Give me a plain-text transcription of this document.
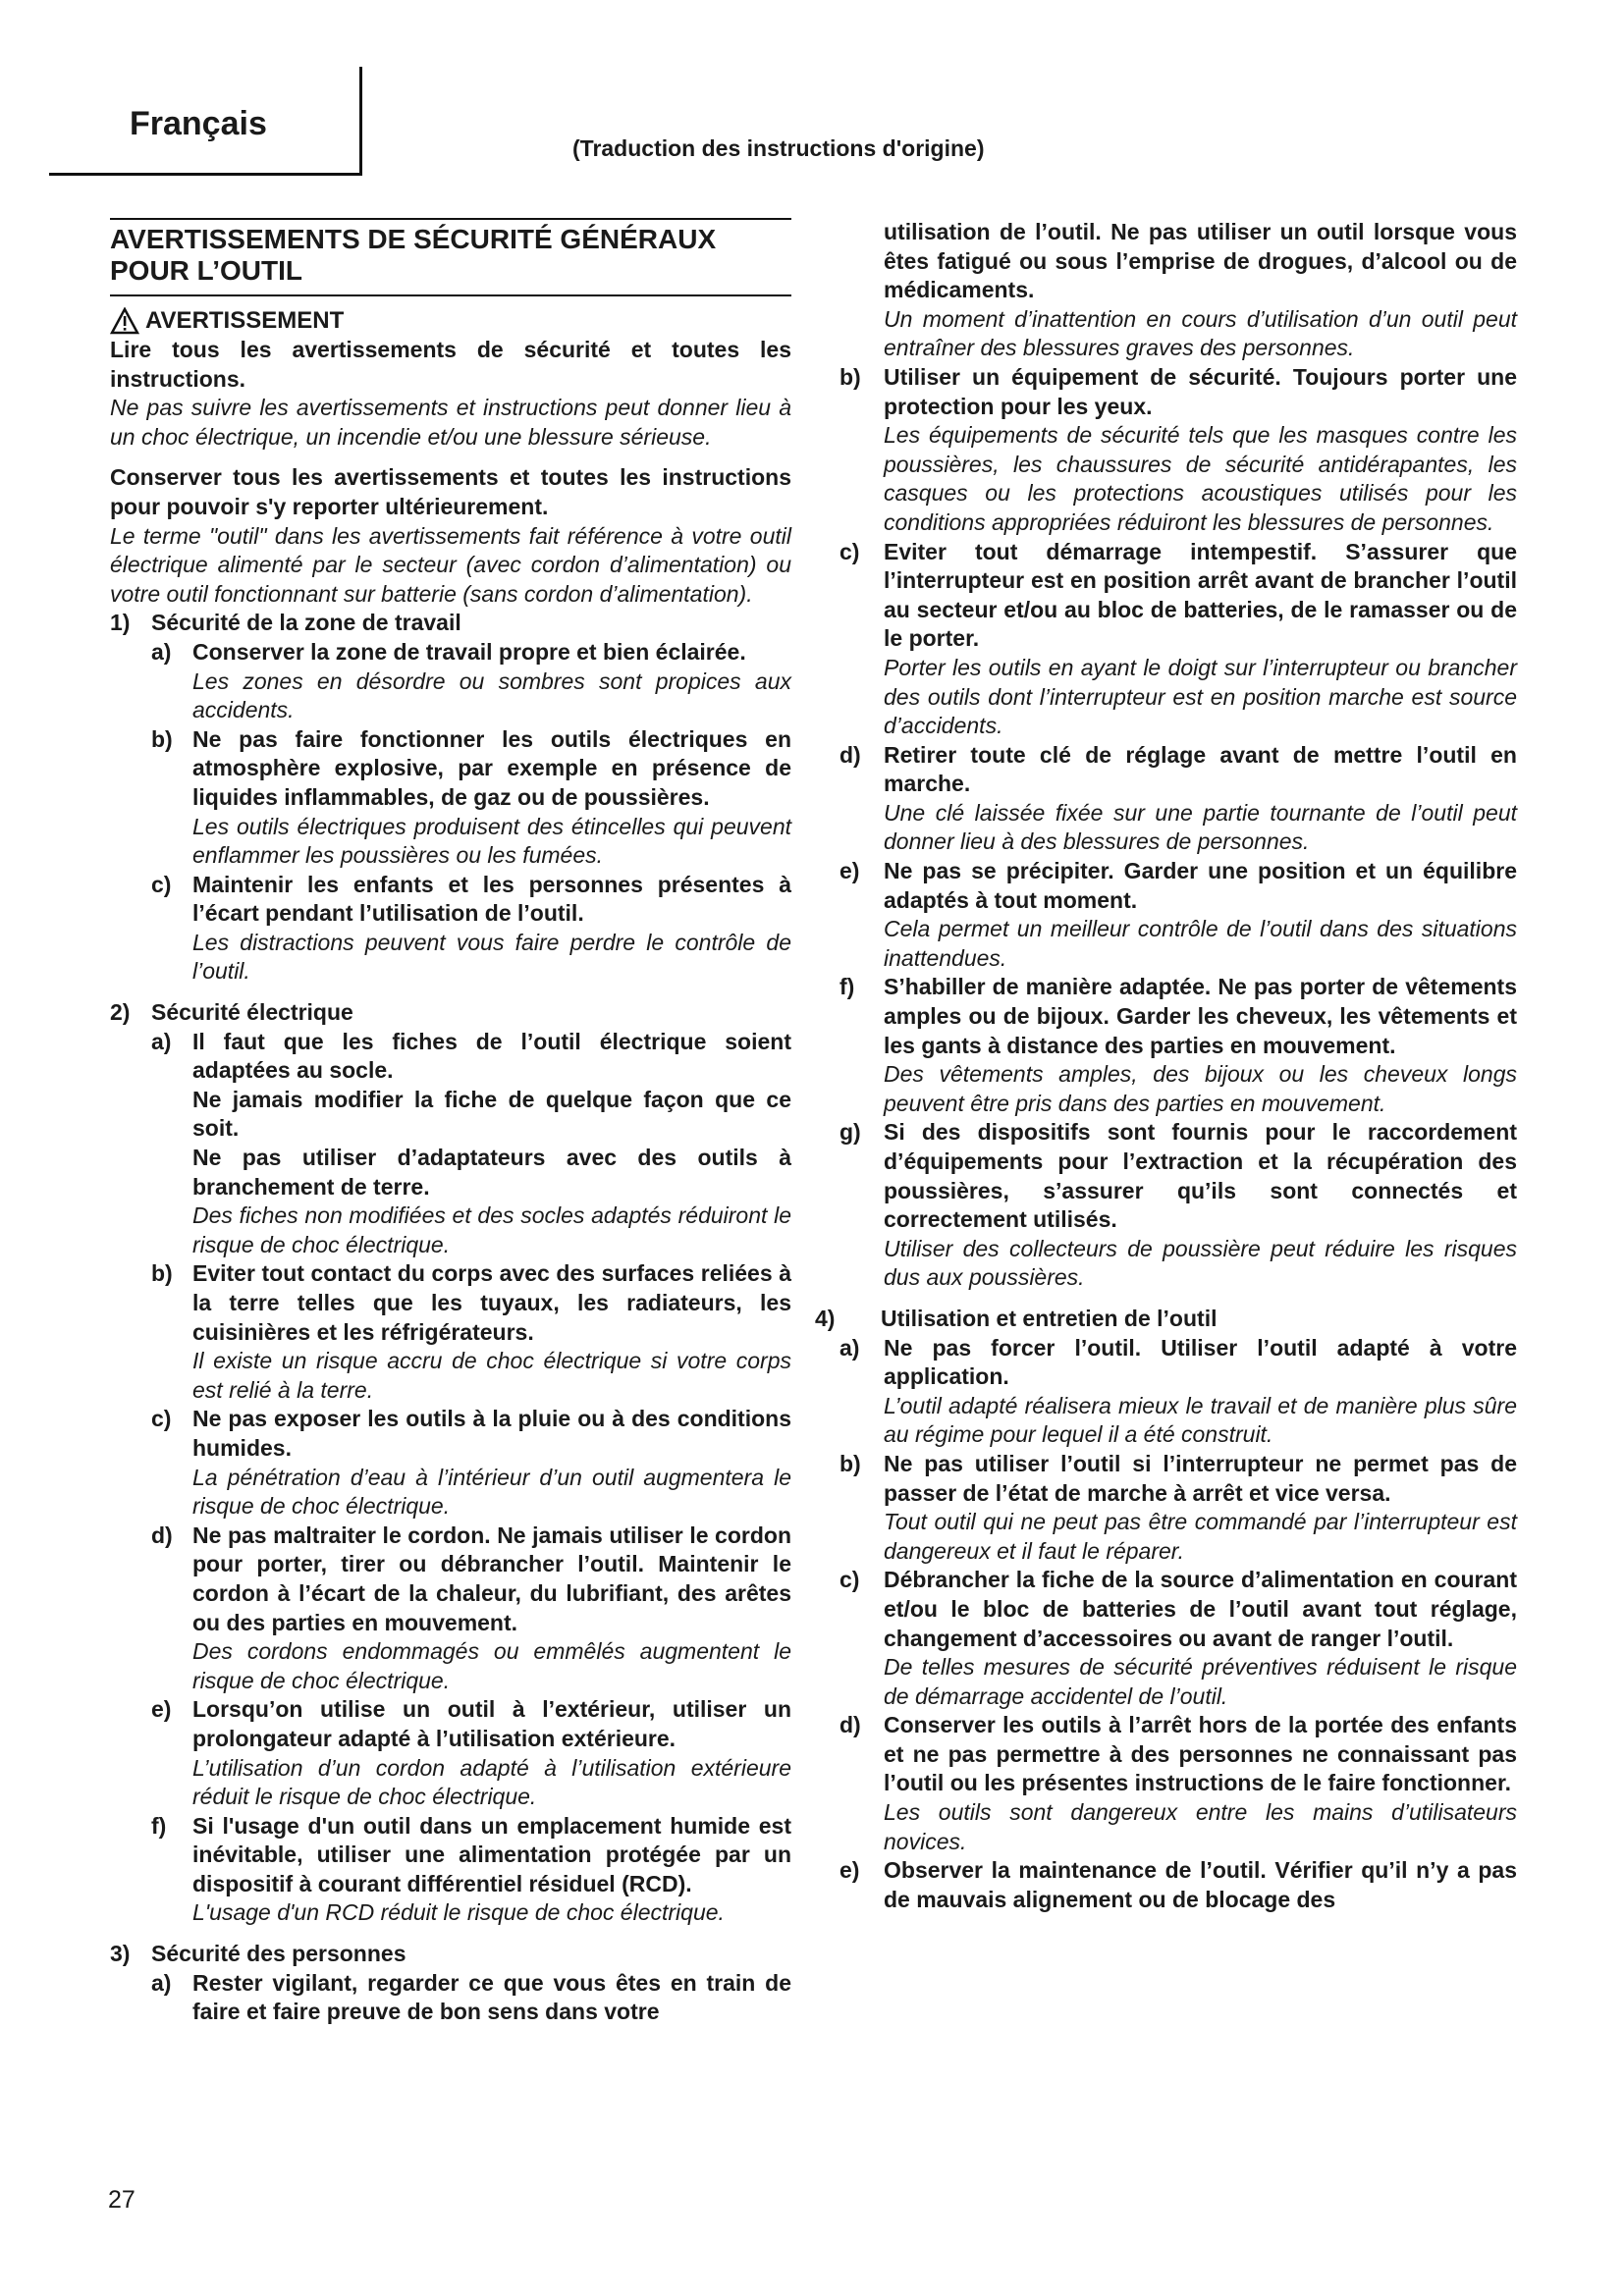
Français
(Traduction des instructions d'origine)
AVERTISSEMENTS DE SÉCURITÉ GÉNÉRAUX
POUR L’OUTIL
AVERTISSEMENT
Lire tous les avertissements de sécurité et toutes les instructions.
Ne pas suivre les avertissements et instructions peut donner lieu à un choc électrique, un incendie et/ou une blessure sérieuse.
Conserver tous les avertissements et toutes les instructions pour pouvoir s'y reporter ultérieurement.
Le terme "outil" dans les avertissements fait référence à votre outil électrique alimenté par le secteur (avec cordon d’alimentation) ou votre outil fonctionnant sur batterie (sans cordon d’alimentation).
1) Sécurité de la zone de travail
a) Conserver la zone de travail propre et bien éclairée.
Les zones en désordre ou sombres sont propices aux accidents.
b) Ne pas faire fonctionner les outils électriques en atmosphère explosive, par exemple en présence de liquides inflammables, de gaz ou de poussières.
Les outils électriques produisent des étincelles qui peuvent enflammer les poussières ou les fumées.
c) Maintenir les enfants et les personnes présentes à l’écart pendant l’utilisation de l’outil.
Les distractions peuvent vous faire perdre le contrôle de l’outil.
2) Sécurité électrique
a) Il faut que les fiches de l’outil électrique soient adaptées au socle.
Ne jamais modifier la fiche de quelque façon que ce soit.
Ne pas utiliser d’adaptateurs avec des outils à branchement de terre.
Des fiches non modifiées et des socles adaptés réduiront le risque de choc électrique.
b) Eviter tout contact du corps avec des surfaces reliées à la terre telles que les tuyaux, les radiateurs, les cuisinières et les réfrigérateurs.
Il existe un risque accru de choc électrique si votre corps est relié à la terre.
c) Ne pas exposer les outils à la pluie ou à des conditions humides.
La pénétration d’eau à l’intérieur d’un outil augmentera le risque de choc électrique.
d) Ne pas maltraiter le cordon. Ne jamais utiliser le cordon pour porter, tirer ou débrancher l’outil. Maintenir le cordon à l’écart de la chaleur, du lubrifiant, des arêtes ou des parties en mouvement.
Des cordons endommagés ou emmêlés augmentent le risque de choc électrique.
e) Lorsqu’on utilise un outil à l’extérieur, utiliser un prolongateur adapté à l’utilisation extérieure.
L’utilisation d’un cordon adapté à l’utilisation extérieure réduit le risque de choc électrique.
f) Si l'usage d'un outil dans un emplacement humide est inévitable, utiliser une alimentation protégée par un dispositif à courant différentiel résiduel (RCD).
L'usage d'un RCD réduit le risque de choc électrique.
3) Sécurité des personnes
a) Rester vigilant, regarder ce que vous êtes en train de faire et faire preuve de bon sens dans votre
utilisation de l’outil. Ne pas utiliser un outil lorsque vous êtes fatigué ou sous l’emprise de drogues, d’alcool ou de médicaments.
Un moment d’inattention en cours d’utilisation d’un outil peut entraîner des blessures graves des personnes.
b) Utiliser un équipement de sécurité. Toujours porter une protection pour les yeux.
Les équipements de sécurité tels que les masques contre les poussières, les chaussures de sécurité antidérapantes, les casques ou les protections acoustiques utilisés pour les conditions appropriées réduiront les blessures de personnes.
c) Eviter tout démarrage intempestif. S’assurer que l’interrupteur est en position arrêt avant de brancher l’outil au secteur et/ou au bloc de batteries, de le ramasser ou de le porter.
Porter les outils en ayant le doigt sur l’interrupteur ou brancher des outils dont l’interrupteur est en position marche est source d’accidents.
d) Retirer toute clé de réglage avant de mettre l’outil en marche.
Une clé laissée fixée sur une partie tournante de l’outil peut donner lieu à des blessures de personnes.
e) Ne pas se précipiter. Garder une position et un équilibre adaptés à tout moment.
Cela permet un meilleur contrôle de l’outil dans des situations inattendues.
f) S’habiller de manière adaptée. Ne pas porter de vêtements amples ou de bijoux. Garder les cheveux, les vêtements et les gants à distance des parties en mouvement.
Des vêtements amples, des bijoux ou les cheveux longs peuvent être pris dans des parties en mouvement.
g) Si des dispositifs sont fournis pour le raccordement d’équipements pour l’extraction et la récupération des poussières, s’assurer qu’ils sont connectés et correctement utilisés.
Utiliser des collecteurs de poussière peut réduire les risques dus aux poussières.
4) Utilisation et entretien de l’outil
a) Ne pas forcer l’outil. Utiliser l’outil adapté à votre application.
L’outil adapté réalisera mieux le travail et de manière plus sûre au régime pour lequel il a été construit.
b) Ne pas utiliser l’outil si l’interrupteur ne permet pas de passer de l’état de marche à arrêt et vice versa.
Tout outil qui ne peut pas être commandé par l’interrupteur est dangereux et il faut le réparer.
c) Débrancher la fiche de la source d’alimentation en courant et/ou le bloc de batteries de l’outil avant tout réglage, changement d’accessoires ou avant de ranger l’outil.
De telles mesures de sécurité préventives réduisent le risque de démarrage accidentel de l’outil.
d) Conserver les outils à l’arrêt hors de la portée des enfants et ne pas permettre à des personnes ne connaissant pas l’outil ou les présentes instructions de le faire fonctionner.
Les outils sont dangereux entre les mains d’utilisateurs novices.
e) Observer la maintenance de l’outil. Vérifier qu’il n’y a pas de mauvais alignement ou de blocage des
27
